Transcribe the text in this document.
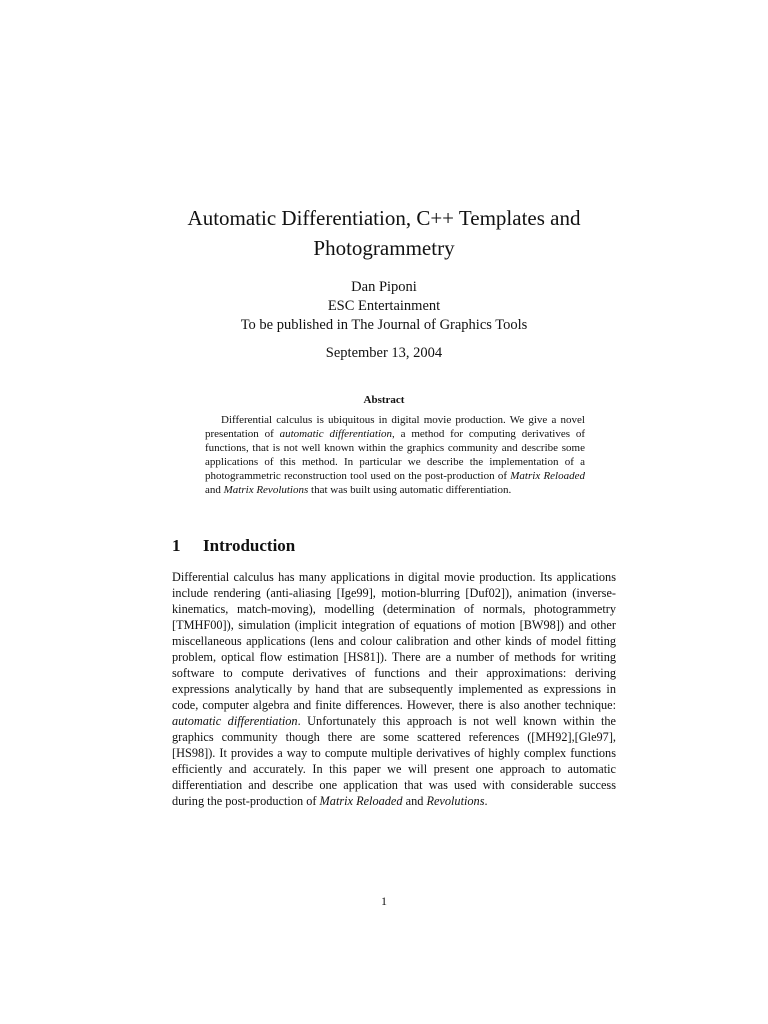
Automatic Differentiation, C++ Templates and
Photogrammetry
Dan Piponi
ESC Entertainment
To be published in The Journal of Graphics Tools
September 13, 2004
Abstract

Differential calculus is ubiquitous in digital movie production. We give a novel presentation of automatic differentiation, a method for computing derivatives of functions, that is not well known within the graphics community and describe some applications of this method. In particular we describe the implementation of a photogrammetric reconstruction tool used on the post-production of Matrix Reloaded and Matrix Revolutions that was built using automatic differentiation.

1 Introduction

Differential calculus has many applications in digital movie production. Its applications include rendering (anti-aliasing [Ige99], motion-blurring [Duf02]), animation (inverse-kinematics, match-moving), modelling (determination of normals, photogrammetry [TMHF00]), simulation (implicit integration of equations of motion [BW98]) and other miscellaneous applications (lens and colour calibration and other kinds of model fitting problem, optical flow estimation [HS81]). There are a number of methods for writing software to compute derivatives of functions and their approximations: deriving expressions analytically by hand that are subsequently implemented as expressions in code, computer algebra and finite differences. However, there is also another technique: automatic differentiation. Unfortunately this approach is not well known within the graphics community though there are some scattered references ([MH92],[Gle97],[HS98]). It provides a way to compute multiple derivatives of highly complex functions efficiently and accurately. In this paper we will present one approach to automatic differentiation and describe one application that was used with considerable success during the post-production of Matrix Reloaded and Revolutions.

1
